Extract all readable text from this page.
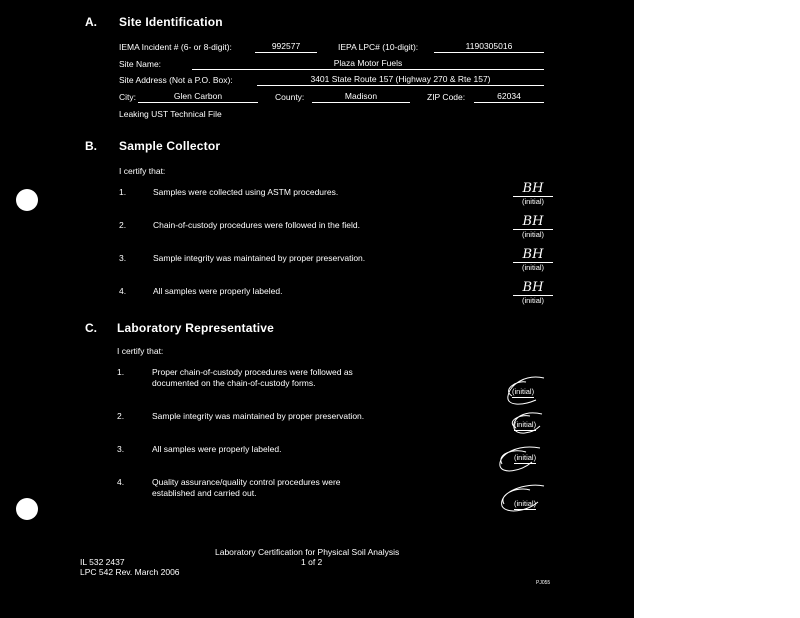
A. Site Identification
IEMA Incident # (6- or 8-digit):	992577	IEPA LPC# (10-digit):	1190305016
Site Name:	Plaza Motor Fuels
Site Address (Not a P.O. Box):	3401 State Route 157 (Highway 270 & Rte 157)
City:	Glen Carbon	County:	Madison	ZIP Code:	62034
Leaking UST Technical File
B. Sample Collector
I certify that:
1.	Samples were collected using ASTM procedures.	BH
(initial)
2.	Chain-of-custody procedures were followed in the field.	BH
(initial)
3.	Sample integrity was maintained by proper preservation.	BH
(initial)
4.	All samples were properly labeled.	BH
(initial)
C. Laboratory Representative
I certify that:
1.	Proper chain-of-custody procedures were followed as
documented on the chain-of-custody forms.
2.	Sample integrity was maintained by proper preservation.
3.	All samples were properly labeled.
4.	Quality assurance/quality control procedures were
established and carried out.
(initial)
(initial)
(initial)
(initial)
Laboratory Certification for Physical Soil Analysis
1 of 2
IL 532 2437
LPC 542 Rev. March 2006
PJ055
